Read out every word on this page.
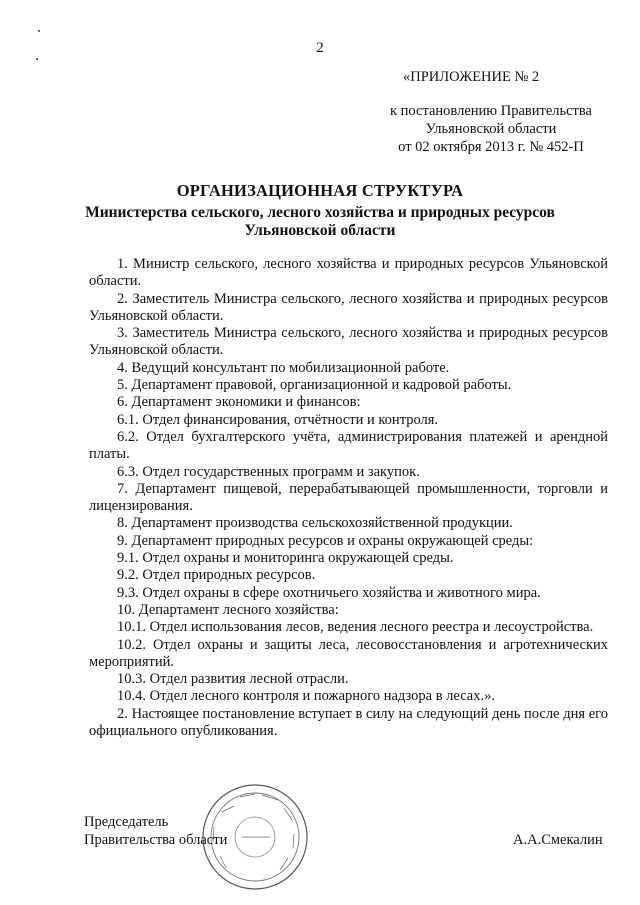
2
«ПРИЛОЖЕНИЕ № 2
к постановлению Правительства
Ульяновской области
от 02 октября 2013 г. № 452-П
ОРГАНИЗАЦИОННАЯ СТРУКТУРА
Министерства сельского, лесного хозяйства и природных ресурсов
Ульяновской области

1. Министр сельского, лесного хозяйства и природных ресурсов Ульяновской области.

2. Заместитель Министра сельского, лесного хозяйства и природных ресурсов Ульяновской области.

3. Заместитель Министра сельского, лесного хозяйства и природных ресурсов Ульяновской области.

4. Ведущий консультант по мобилизационной работе.

5. Департамент правовой, организационной и кадровой работы.

6. Департамент экономики и финансов:

6.1. Отдел финансирования, отчётности и контроля.

6.2. Отдел бухгалтерского учёта, администрирования платежей и арендной платы.

6.3. Отдел государственных программ и закупок.

7. Департамент пищевой, перерабатывающей промышленности, торговли и лицензирования.

8. Департамент производства сельскохозяйственной продукции.

9. Департамент природных ресурсов и охраны окружающей среды:

9.1. Отдел охраны и мониторинга окружающей среды.

9.2. Отдел природных ресурсов.

9.3. Отдел охраны в сфере охотничьего хозяйства и животного мира.

10. Департамент лесного хозяйства:

10.1. Отдел использования лесов, ведения лесного реестра и лесоустройства.

10.2. Отдел охраны и защиты леса, лесовосстановления и агротехнических мероприятий.

10.3. Отдел развития лесной отрасли.

10.4. Отдел лесного контроля и пожарного надзора в лесах.».

2. Настоящее постановление вступает в силу на следующий день после дня его официального опубликования.

Председатель
Правительства области	А.А.Смекалин
